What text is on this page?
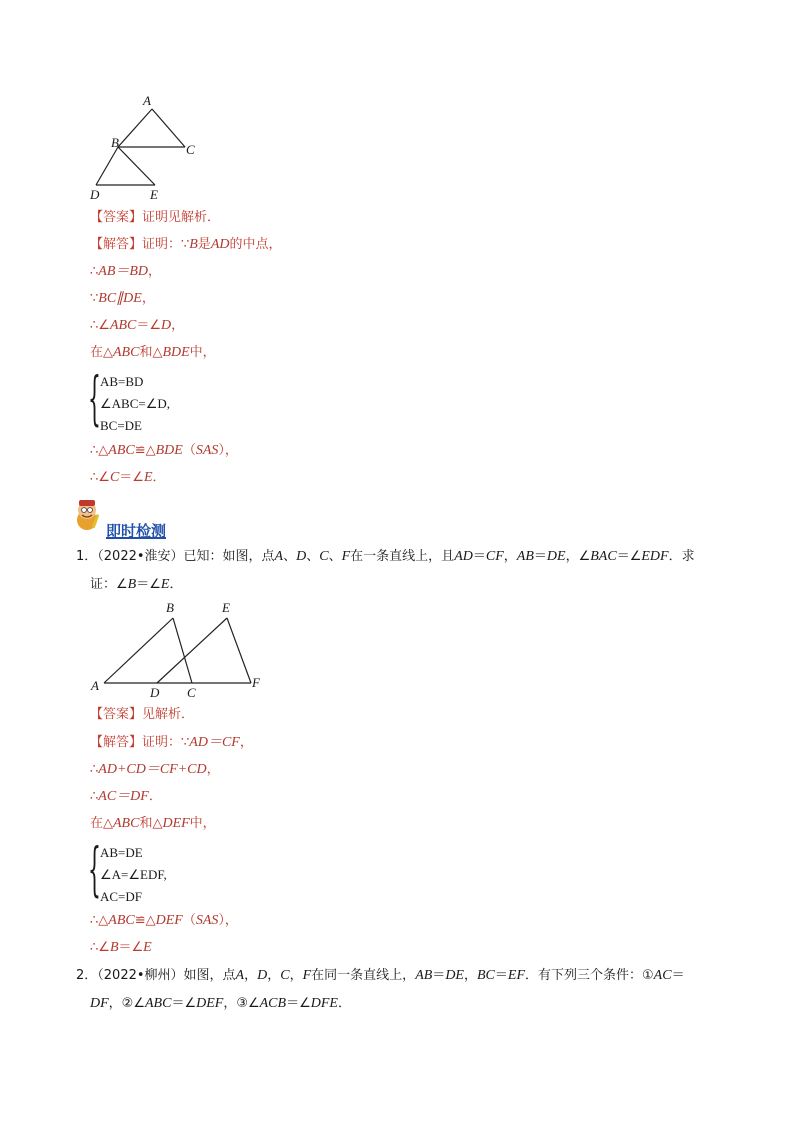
A
B	C
D	E
【答案】证明见解析．
【解答】证明：∵B是AD的中点，
∴AB＝BD，
∵BC∥DE，
∴∠ABC＝∠D，
在△ABC和△BDE中，
{ AB=BD
∠ABC=∠D,
BC=DE
∴△ABC≌△BDE（SAS），
∴∠C＝∠E．
即时检测
1．（2022•淮安）已知：如图，点A、D、C、F在一条直线上，且AD＝CF，AB＝DE，∠BAC＝∠EDF．求
证：∠B＝∠E．
A
B
C
D
E
F
【答案】见解析．
【解答】证明：∵AD＝CF，
∴AD+CD＝CF+CD，
∴AC＝DF．
在△ABC和△DEF中，
{ AB=DE
∠A=∠EDF,
AC=DF
∴△ABC≌△DEF（SAS），
∴∠B＝∠E
2．（2022•柳州）如图，点A，D，C，F在同一条直线上，AB＝DE，BC＝EF．有下列三个条件：①AC＝
DF，②∠ABC＝∠DEF，③∠ACB＝∠DFE．
